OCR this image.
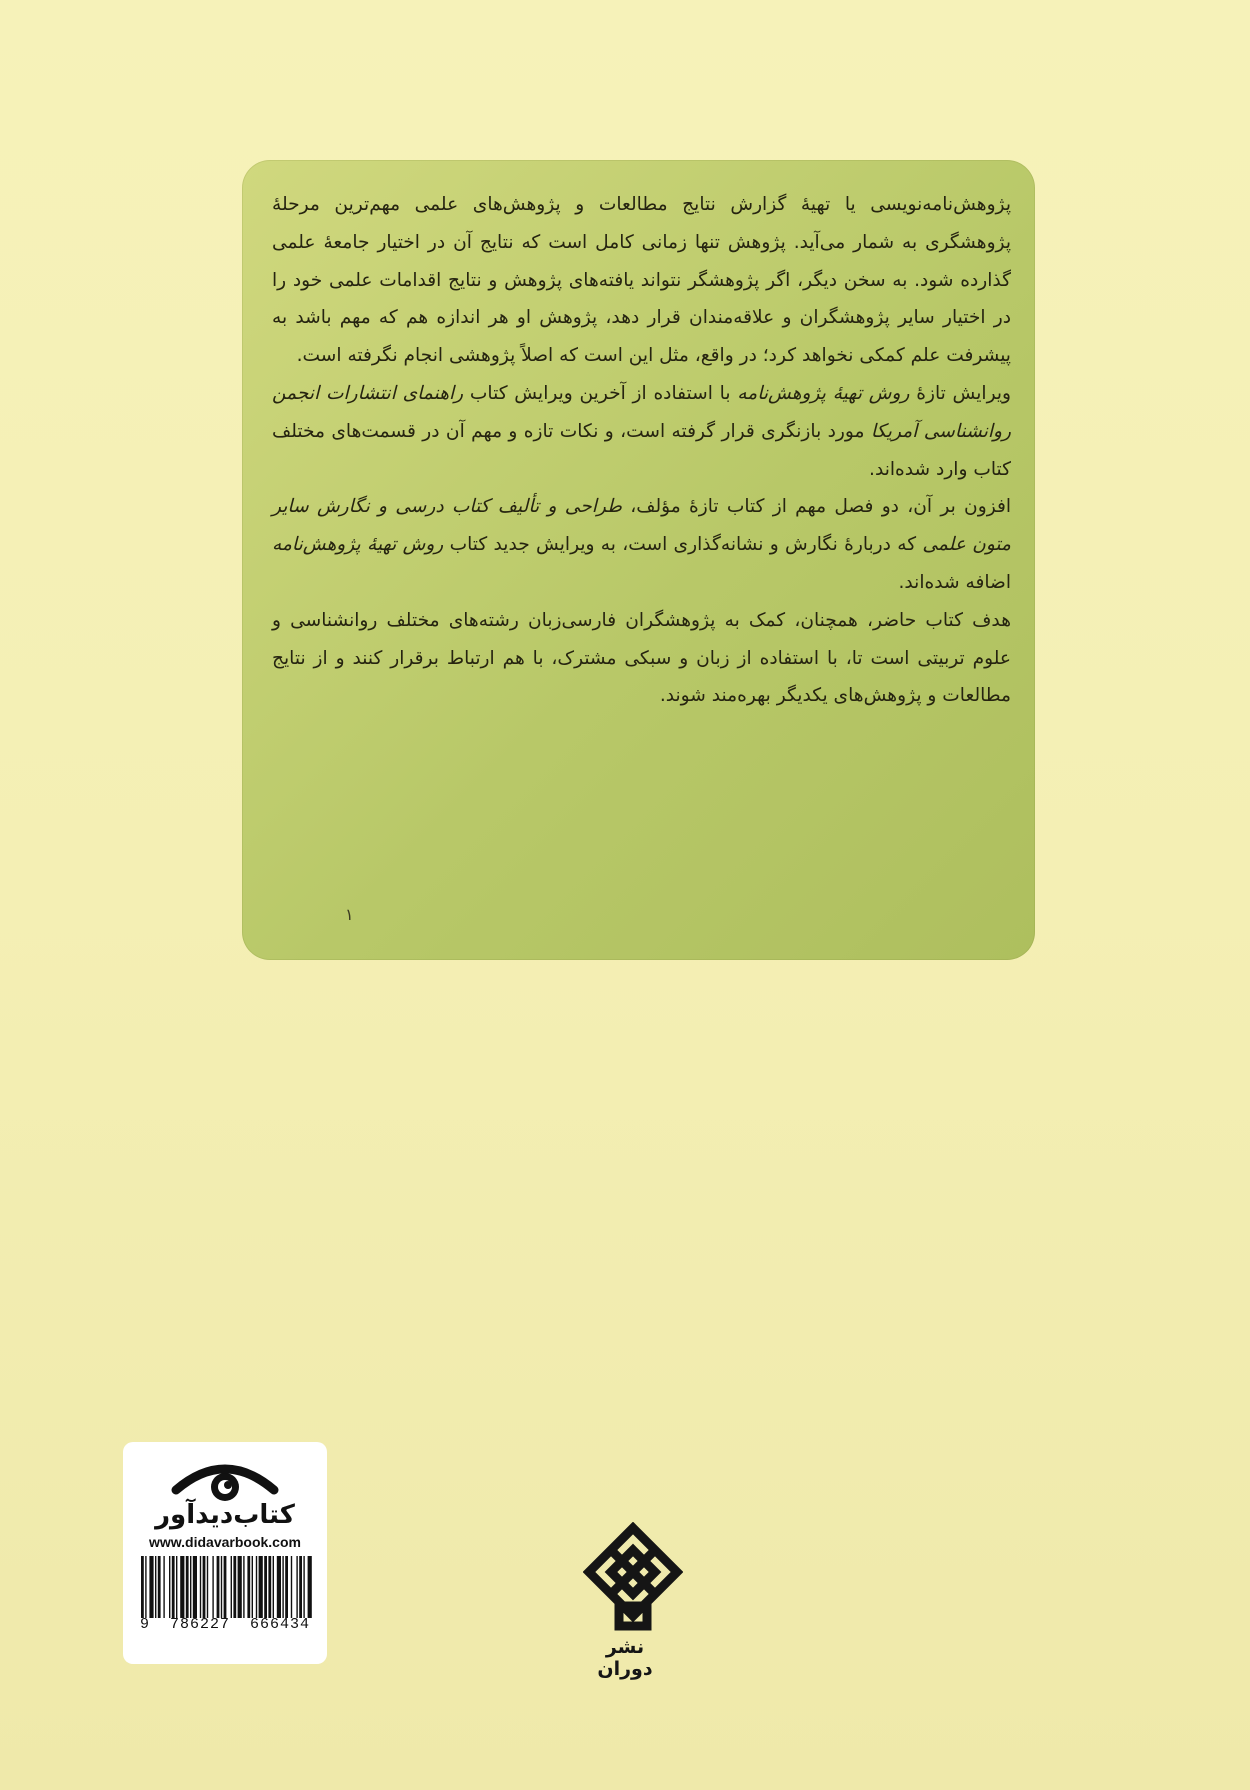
پژوهش‌نامه‌نویسی یا تهیهٔ گزارش نتایج مطالعات و پژوهش‌های علمی مهم‌ترین مرحلهٔ پژوهشگری به شمار می‌آید. پژوهش تنها زمانی کامل است که نتایج آن در اختیار جامعهٔ علمی گذارده شود. به سخن دیگر، اگر پژوهشگر نتواند یافته‌های پژوهش و نتایج اقدامات علمی خود را در اختیار سایر پژوهشگران و علاقه‌مندان قرار دهد، پژوهش او هر اندازه هم که مهم باشد به پیشرفت علم کمکی نخواهد کرد؛ در واقع، مثل این است که اصلاً پژوهشی انجام نگرفته است.

ویرایش تازهٔ روش تهیهٔ پژوهش‌نامه با استفاده از آخرین ویرایش کتاب راهنمای انتشارات انجمن روانشناسی آمریکا مورد بازنگری قرار گرفته است، و نکات تازه و مهم آن در قسمت‌های مختلف کتاب وارد شده‌اند.

افزون بر آن، دو فصل مهم از کتاب تازهٔ مؤلف، طراحی و تألیف کتاب درسی و نگارش سایر متون علمی که دربارهٔ نگارش و نشانه‌گذاری است، به ویرایش جدید کتاب روش تهیهٔ پژوهش‌نامه اضافه شده‌اند.

هدف کتاب حاضر، همچنان، کمک به پژوهشگران فارسی‌زبان رشته‌های مختلف روانشناسی و علوم تربیتی است تا، با استفاده از زبان و سبکی مشترک، با هم ارتباط برقرار کنند و از نتایج مطالعات و پژوهش‌های یکدیگر بهره‌مند شوند.

١
کتاب‌دیدآور
www.didavarbook.com
9 786227 666434
نشر دوران
